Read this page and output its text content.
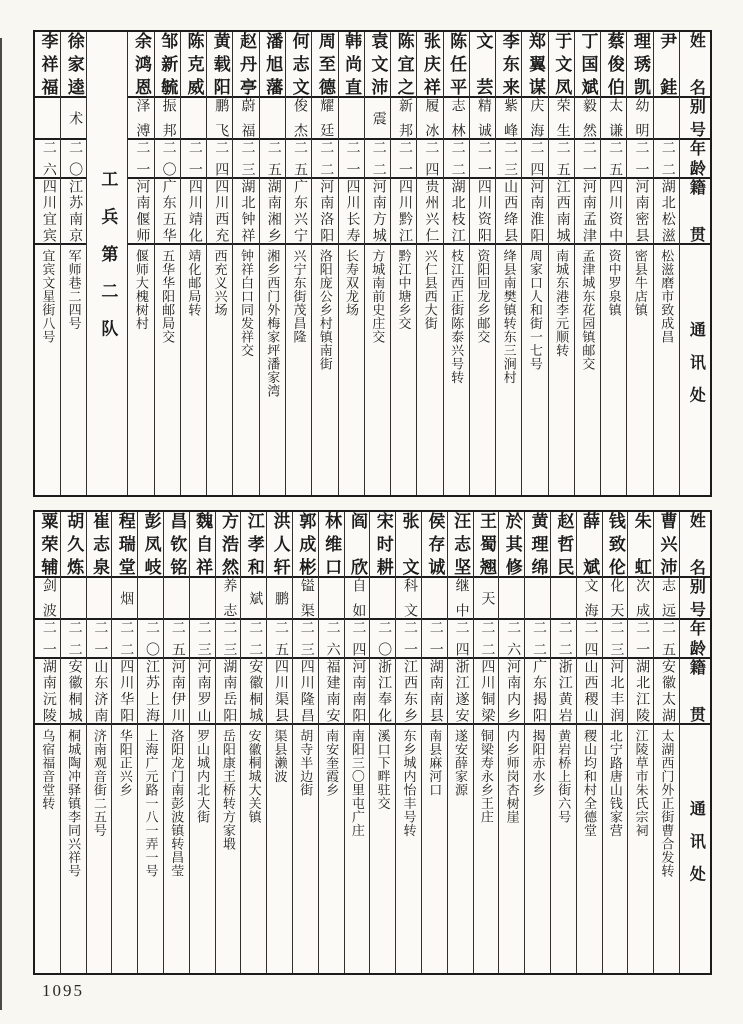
姓名
别号
年龄
籍贯
通讯处
尹銈
二二
湖北松滋
松滋磨市致成昌
理琇凯
幼明
二一
河南密县
密县牛店镇
蔡俊伯
太谦
二五
四川资中
资中罗泉镇
丁国斌
毅然
二一
河南孟津
孟津城东花园镇邮交
于文凤
荣生
二五
江西南城
南城东港李元顺转
郑翼谋
庆海
二四
河南淮阳
周家口人和街一七号
李东来
紫峰
二三
山西绛县
绛县南樊镇转东三涧村
文芸
精诚
二一
四川资阳
资阳回龙乡邮交
陈任平
志林
二二
湖北枝江
枝江西正街陈泰兴号转
张庆祥
履冰
二四
贵州兴仁
兴仁县西大街
陈宜之
新邦
二一
四川黔江
黔江中塘乡交
袁文沛
震
二二
河南方城
方城南前史庄交
韩尚直
二一
四川长寿
长寿双龙场
周至德
耀廷
二二
河南洛阳
洛阳庞公乡村镇南街
何志文
俊杰
二五
广东兴宁
兴宁东街茂昌隆
潘旭藩
二五
湖南湘乡
湘乡西门外梅家坪潘家湾
赵丹亭
蔚福
二三
湖北钟祥
钟祥白口同发祥交
黄载阳
鹏飞
二四
四川西充
西充义兴场
陈克威
二一
四川靖化
靖化邮局转
邹新毓
振邦
二〇
广东五华
五华华阳邮局交
余鸿恩
泽溥
二一
河南偃师
偃师大槐树村
工兵第二队
徐家逵
术
二〇
江苏南京
军师巷二四号
李祥福
二六
四川宜宾
宜宾文星街八号
姓名
别号
年龄
籍贯
通讯处
曹兴沛
志远
二五
安徽太湖
太湖西门外正街曹合发转
朱虹
次成
二一
湖北江陵
江陵草市朱氏宗祠
钱致伦
化天
二三
河北丰润
北宁路唐山钱家营
薛斌
文海
二四
山西稷山
稷山均和村全德堂
赵哲民
二二
浙江黄岩
黄岩桥上街六号
黄理绵
二二
广东揭阳
揭阳赤水乡
於其修
二六
河南内乡
内乡师岗杏树崖
王蜀翘
天
二二
四川铜梁
铜梁寿永乡王庄
汪志坚
继中
二四
浙江遂安
遂安薛家源
侯存诚
二一
湖南南县
南县麻河口
张文
科文
二一
江西东乡
东乡城内怡丰号转
宋时耕
二〇
浙江奉化
溪口下畔驻交
阎欣
自如
二四
河南南阳
南阳三〇里屯广庄
林维口
二六
福建南安
南安奎霞乡
郭成彬
镒渠
二三
四川隆昌
胡寺半边街
洪人轩
鹏
二五
四川渠县
渠县濑波
江孝和
斌
二二
安徽桐城
安徽桐城大关镇
方浩然
养志
二三
湖南岳阳
岳阳康王桥转方家塅
魏自祥
二三
河南罗山
罗山城内北大街
昌钦铭
二五
河南伊川
洛阳龙门南彭波镇转昌莹
彭凤岐
二〇
江苏上海
上海广元路一八一弄一号
程瑞堂
烟
二二
四川华阳
华阳正兴乡
崔志泉
二一
山东济南
济南观音街二五号
胡久炼
二二
安徽桐城
桐城陶冲驿镇李同兴祥号
粟荣辅
剑波
二一
湖南沅陵
乌宿福音堂转
1095
